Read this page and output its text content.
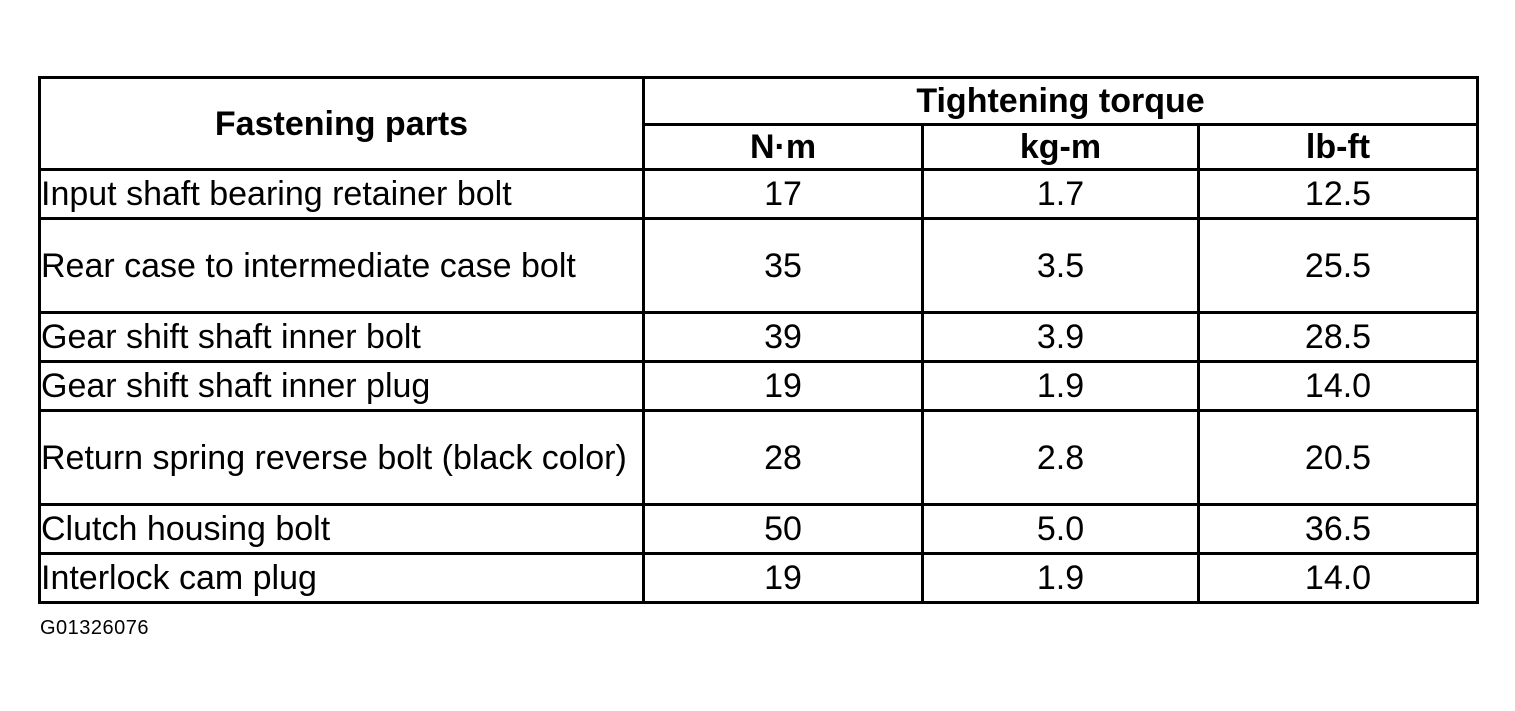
Fastening parts	Tightening torque		
	N·m	kg-m	lb-ft
Input shaft bearing retainer bolt	17	1.7	12.5
Rear case to intermediate case bolt	35	3.5	25.5
Gear shift shaft inner bolt	39	3.9	28.5
Gear shift shaft inner plug	19	1.9	14.0
Return spring reverse bolt (black color)	28	2.8	20.5
Clutch housing bolt	50	5.0	36.5
Interlock cam plug	19	1.9	14.0
G01326076
